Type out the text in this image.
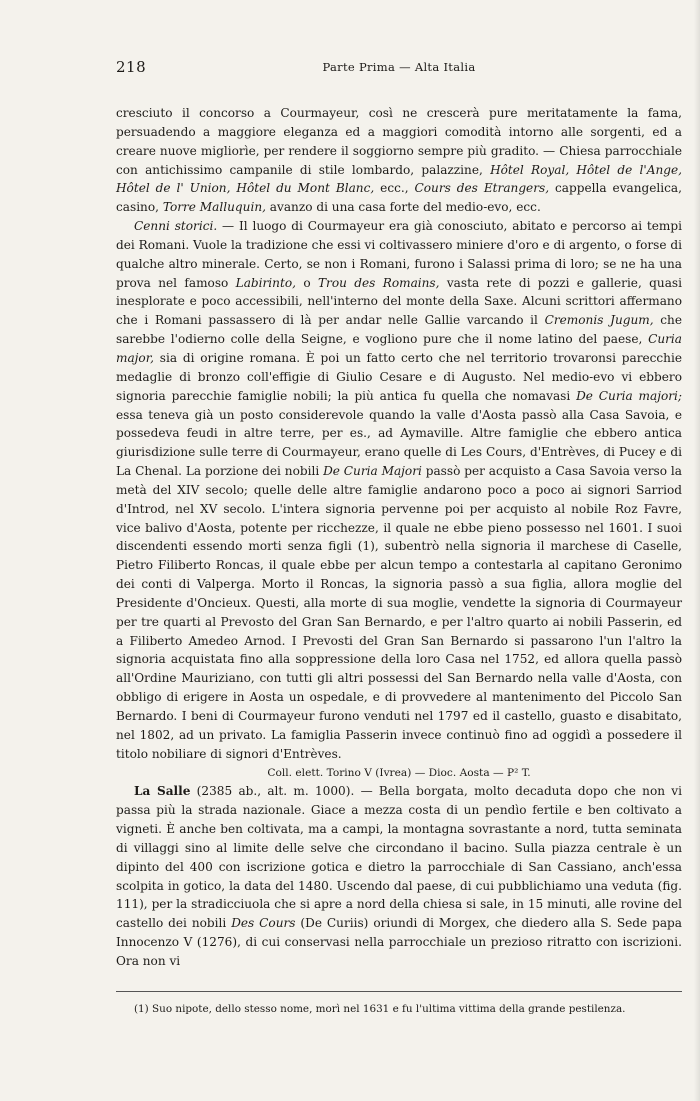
218	Parte Prima — Alta Italia

cresciuto il concorso a Courmayeur, così ne crescerà pure meritatamente la fama, persuadendo a maggiore eleganza ed a maggiori comodità intorno alle sorgenti, ed a creare nuove migliorìe, per rendere il soggiorno sempre più gradito. — Chiesa parrocchiale con antichissimo campanile di stile lombardo, palazzine, Hôtel Royal, Hôtel de l'Ange, Hôtel de l' Union, Hôtel du Mont Blanc, ecc., Cours des Etrangers, cappella evangelica, casino, Torre Malluquin, avanzo di una casa forte del medio-evo, ecc.

Cenni storici. — Il luogo di Courmayeur era già conosciuto, abitato e percorso ai tempi dei Romani. Vuole la tradizione che essi vi coltivassero miniere d'oro e di argento, o forse di qualche altro minerale. Certo, se non i Romani, furono i Salassi prima di loro; se ne ha una prova nel famoso Labirinto, o Trou des Romains, vasta rete di pozzi e gallerie, quasi inesplorate e poco accessibili, nell'interno del monte della Saxe. Alcuni scrittori affermano che i Romani passassero di là per andar nelle Gallie varcando il Cremonis Jugum, che sarebbe l'odierno colle della Seigne, e vogliono pure che il nome latino del paese, Curia major, sia di origine romana. È poi un fatto certo che nel territorio trovaronsi parecchie medaglie di bronzo coll'effigie di Giulio Cesare e di Augusto. Nel medio-evo vi ebbero signoria parecchie famiglie nobili; la più antica fu quella che nomavasi De Curia majori; essa teneva già un posto considerevole quando la valle d'Aosta passò alla Casa Savoia, e possedeva feudi in altre terre, per es., ad Aymaville. Altre famiglie che ebbero antica giurisdizione sulle terre di Courmayeur, erano quelle di Les Cours, d'Entrèves, di Pucey e di La Chenal. La porzione dei nobili De Curia Majori passò per acquisto a Casa Savoia verso la metà del XIV secolo; quelle delle altre famiglie andarono poco a poco ai signori Sarriod d'Introd, nel XV secolo. L'intera signoria pervenne poi per acquisto al nobile Roz Favre, vice balivo d'Aosta, potente per ricchezze, il quale ne ebbe pieno possesso nel 1601. I suoi discendenti essendo morti senza figli (1), subentrò nella signoria il marchese di Caselle, Pietro Filiberto Roncas, il quale ebbe per alcun tempo a contestarla al capitano Geronimo dei conti di Valperga. Morto il Roncas, la signoria passò a sua figlia, allora moglie del Presidente d'Oncieux. Questi, alla morte di sua moglie, vendette la signoria di Courmayeur per tre quarti al Prevosto del Gran San Bernardo, e per l'altro quarto ai nobili Passerin, ed a Filiberto Amedeo Arnod. I Prevosti del Gran San Bernardo si passarono l'un l'altro la signoria acquistata fino alla soppressione della loro Casa nel 1752, ed allora quella passò all'Ordine Mauriziano, con tutti gli altri possessi del San Bernardo nella valle d'Aosta, con obbligo di erigere in Aosta un ospedale, e di provvedere al mantenimento del Piccolo San Bernardo. I beni di Courmayeur furono venduti nel 1797 ed il castello, guasto e disabitato, nel 1802, ad un privato. La famiglia Passerin invece continuò fino ad oggidì a possedere il titolo nobiliare di signori d'Entrèves.

Coll. elett. Torino V (Ivrea) — Dioc. Aosta — P² T.

La Salle (2385 ab., alt. m. 1000). — Bella borgata, molto decaduta dopo che non vi passa più la strada nazionale. Giace a mezza costa di un pendìo fertile e ben coltivato a vigneti. È anche ben coltivata, ma a campi, la montagna sovrastante a nord, tutta seminata di villaggi sino al limite delle selve che circondano il bacino. Sulla piazza centrale è un dipinto del 400 con iscrizione gotica e dietro la parrocchiale di San Cassiano, anch'essa scolpita in gotico, la data del 1480. Uscendo dal paese, di cui pubblichiamo una veduta (fig. 111), per la stradicciuola che si apre a nord della chiesa si sale, in 15 minuti, alle rovine del castello dei nobili Des Cours (De Curiis) oriundi di Morgex, che diedero alla S. Sede papa Innocenzo V (1276), di cui conservasi nella parrocchiale un prezioso ritratto con iscrizioni. Ora non vi

(1) Suo nipote, dello stesso nome, morì nel 1631 e fu l'ultima vittima della grande pestilenza.
